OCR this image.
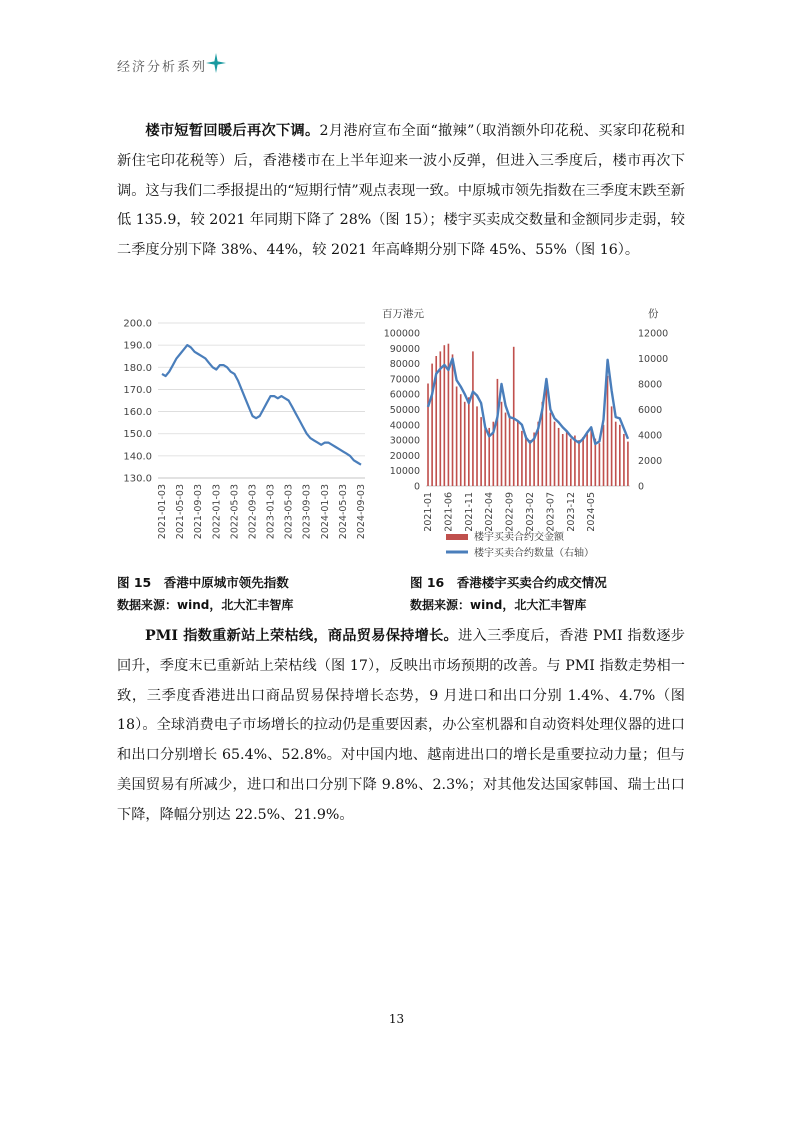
经济分析系列
楼市短暂回暖后再次下调。2月港府宣布全面“撤辣”（取消额外印花税、买家印花税和新住宅印花税等）后，香港楼市在上半年迎来一波小反弹，但进入三季度后，楼市再次下调。这与我们二季报提出的“短期行情”观点表现一致。中原城市领先指数在三季度末跌至新低 135.9，较 2021 年同期下降了 28%（图 15）；楼宇买卖成交数量和金额同步走弱，较二季度分别下降 38%、44%，较 2021 年高峰期分别下降 45%、55%（图 16）。
130.0
140.0
150.0
160.0
170.0
180.0
190.0
200.0
2021-01-03 2021-05-03 2021-09-03 2022-01-03 2022-05-03 2022-09-03 2023-01-03 2023-05-03 2023-09-03 2024-01-03 2024-05-03 2024-09-03
百万港元	份
0
10000
20000
30000
40000
50000
60000
70000
80000
90000
100000
0
2000
4000
6000
8000
10000
12000
2021-01 2021-06 2021-11 2022-04 2022-09 2023-02 2023-07 2023-12 2024-05
楼宇买卖合约交金额
楼宇买卖合约数量（右轴）
图 15　香港中原城市领先指数
数据来源：wind，北大汇丰智库
图 16　香港楼宇买卖合约成交情况
数据来源：wind，北大汇丰智库
PMI 指数重新站上荣枯线，商品贸易保持增长。进入三季度后，香港 PMI 指数逐步回升，季度末已重新站上荣枯线（图 17），反映出市场预期的改善。与 PMI 指数走势相一致，三季度香港进出口商品贸易保持增长态势，9 月进口和出口分别 1.4%、4.7%（图 18）。全球消费电子市场增长的拉动仍是重要因素，办公室机器和自动资料处理仪器的进口和出口分别增长 65.4%、52.8%。对中国内地、越南进出口的增长是重要拉动力量；但与美国贸易有所减少，进口和出口分别下降 9.8%、2.3%；对其他发达国家韩国、瑞士出口下降，降幅分别达 22.5%、21.9%。
13
